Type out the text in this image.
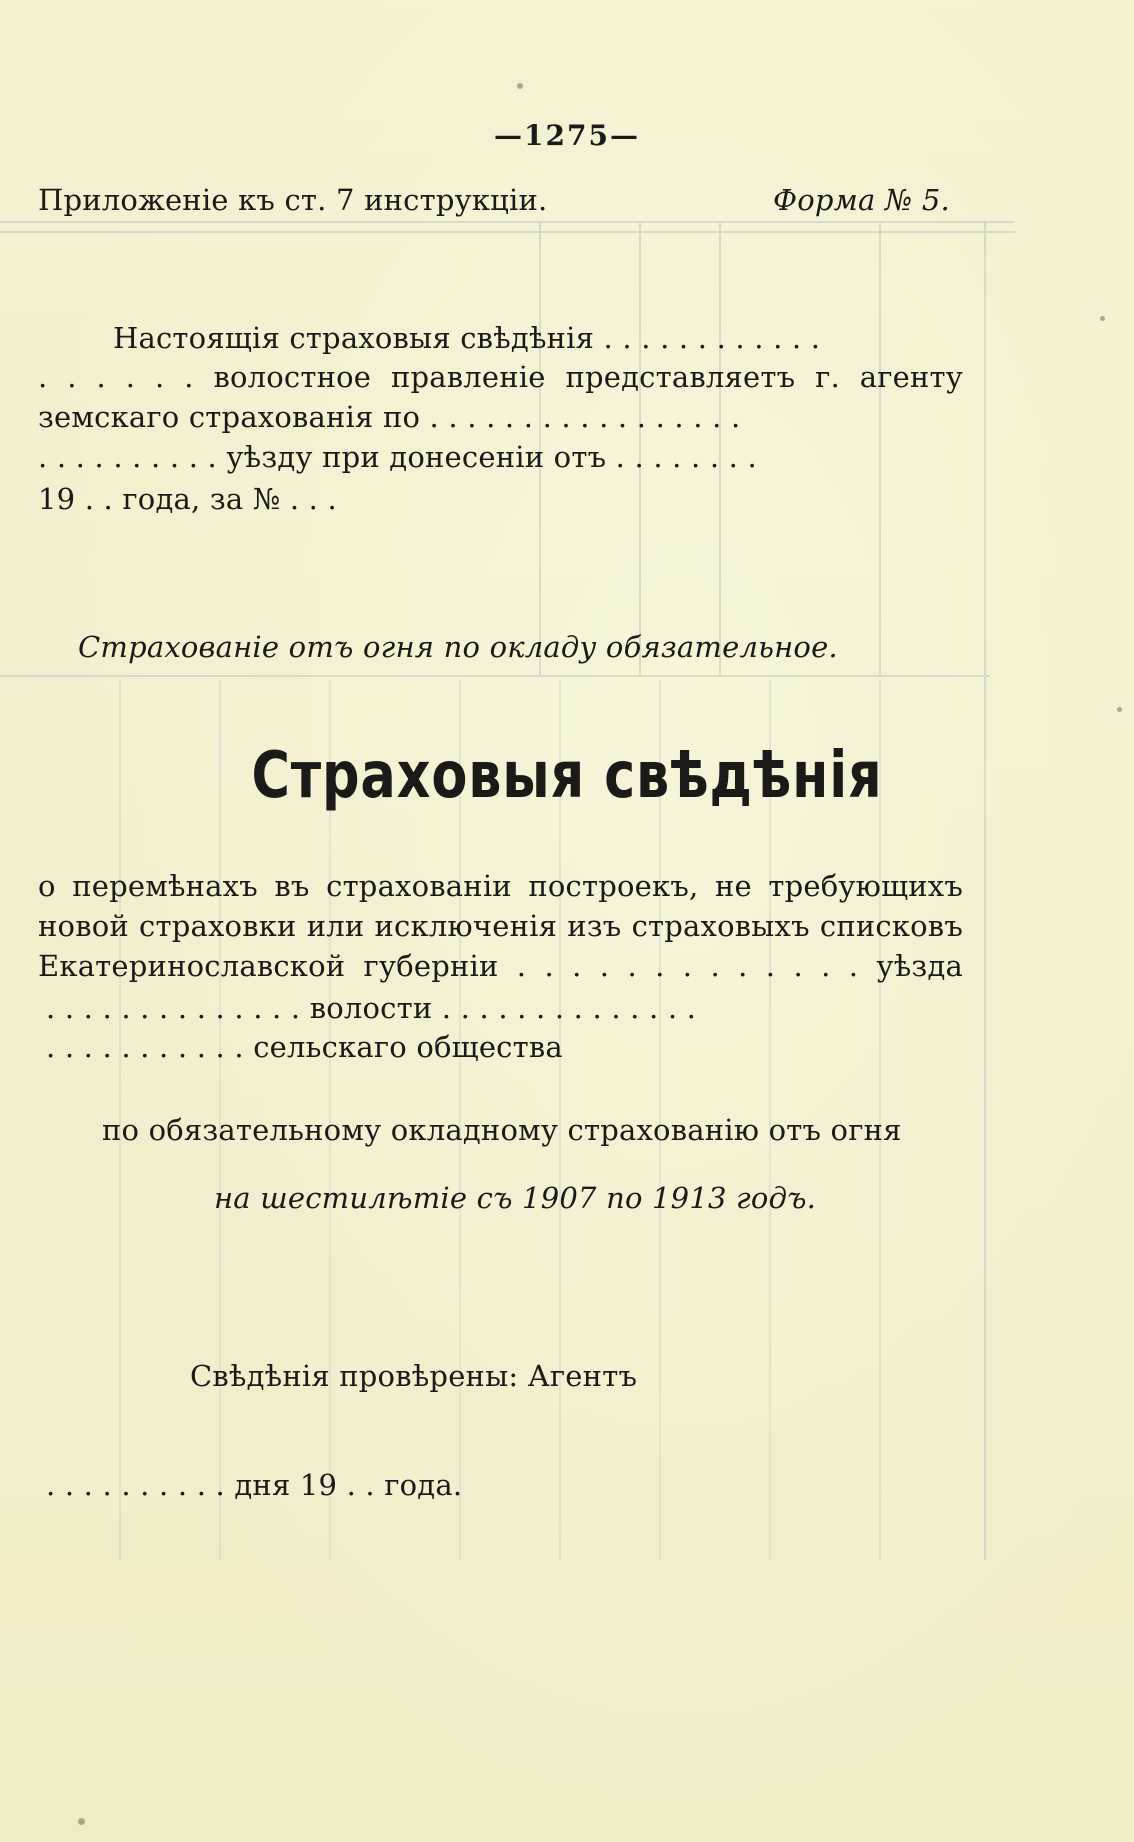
—1275—
Приложеніе къ ст. 7 инструкціи.	Форма № 5.
Настоящія страховыя свѣдѣнія . . . . . . . . . . . .
. . . . . . волостное правленіе представляетъ г. агенту
земскаго страхованія по . . . . . . . . . . . . . . . . .
. . . . . . . . . . уѣзду при донесеніи отъ . . . . . . . .
19 . . года, за № . . .
Страхованіе отъ огня по окладу обязательное.
Страховыя свѣдѣнія
о перемѣнахъ въ страхованіи построекъ, не требующихъ
новой страховки или исключенія изъ страховыхъ списковъ
Екатеринославской губерніи . . . . . . . . . . . . . уѣзда
. . . . . . . . . . . . . . волости . . . . . . . . . . . . . .
. . . . . . . . . . . сельскаго общества
по обязательному окладному страхованію отъ огня
на шестилѣтіе съ 1907 по 1913 годъ.
Свѣдѣнія провѣрены: Агентъ
. . . . . . . . . . дня 19 . . года.
